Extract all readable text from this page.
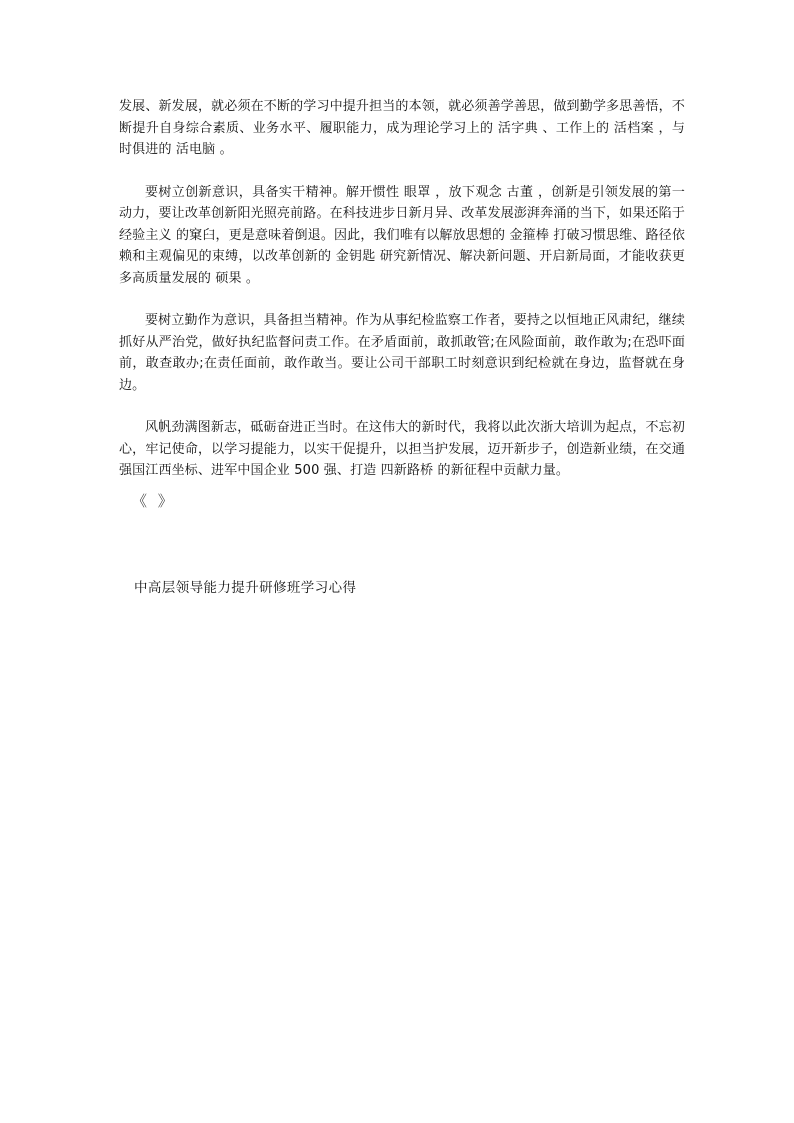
发展、新发展，就必须在不断的学习中提升担当的本领，就必须善学善思，做到勤学多思善悟，不断提升自身综合素质、业务水平、履职能力，成为理论学习上的 活字典 、工作上的 活档案 ，与时俱进的 活电脑 。

要树立创新意识，具备实干精神。解开惯性 眼罩 ，放下观念 古董 ，创新是引领发展的第一动力，要让改革创新阳光照亮前路。在科技进步日新月异、改革发展澎湃奔涌的当下，如果还陷于 经验主义 的窠臼，更是意味着倒退。因此，我们唯有以解放思想的 金箍棒 打破习惯思维、路径依赖和主观偏见的束缚，以改革创新的 金钥匙 研究新情况、解决新问题、开启新局面，才能收获更多高质量发展的 硕果 。

要树立勤作为意识，具备担当精神。作为从事纪检监察工作者，要持之以恒地正风肃纪，继续抓好从严治党，做好执纪监督问责工作。在矛盾面前，敢抓敢管;在风险面前，敢作敢为;在恐吓面前，敢查敢办;在责任面前，敢作敢当。要让公司干部职工时刻意识到纪检就在身边，监督就在身边。

风帆劲满图新志，砥砺奋进正当时。在这伟大的新时代，我将以此次浙大培训为起点，不忘初心，牢记使命，以学习提能力，以实干促提升，以担当护发展，迈开新步子，创造新业绩，在交通强国江西坐标、进军中国企业 500 强、打造 四新路桥 的新征程中贡献力量。

《 》
中高层领导能力提升研修班学习心得
